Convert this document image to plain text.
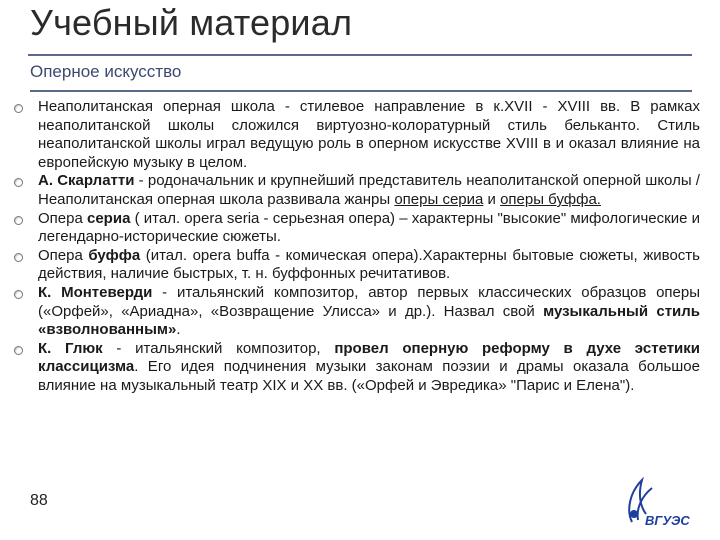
Учебный материал
Оперное искусство
Неаполитанская оперная школа - стилевое направление в к.XVII - XVIII вв. В рамках неаполитанской школы сложился виртуозно-колоратурный стиль бельканто. Стиль неаполитанской школы играл ведущую роль в оперном искусстве XVIII в и оказал влияние на европейскую музыку в целом.
А. Скарлатти - родоначальник и крупнейший представитель неаполитанской оперной школы /Неаполитанская оперная школа развивала жанры оперы сериа и оперы буффа.
Опера сериа ( итал. opera seria - серьезная опера) – характерны "высокие" мифологические и легендарно-исторические сюжеты.
Опера буффа (итал. opera buffa - комическая опера).Характерны бытовые сюжеты, живость действия, наличие быстрых, т. н. буффонных речитативов.
К. Монтеверди - итальянский композитор, автор первых классических образцов оперы («Орфей», «Ариадна», «Возвращение Улисса» и др.). Назвал свой музыкальный стиль «взволнованным».
К. Глюк - итальянский композитор, провел оперную реформу в духе эстетики классицизма. Его идея подчинения музыки законам поэзии и драмы оказала большое влияние на музыкальный театр XIX и XX вв. («Орфей и Эвредика» "Парис и Елена").
88
ВГУЭС
